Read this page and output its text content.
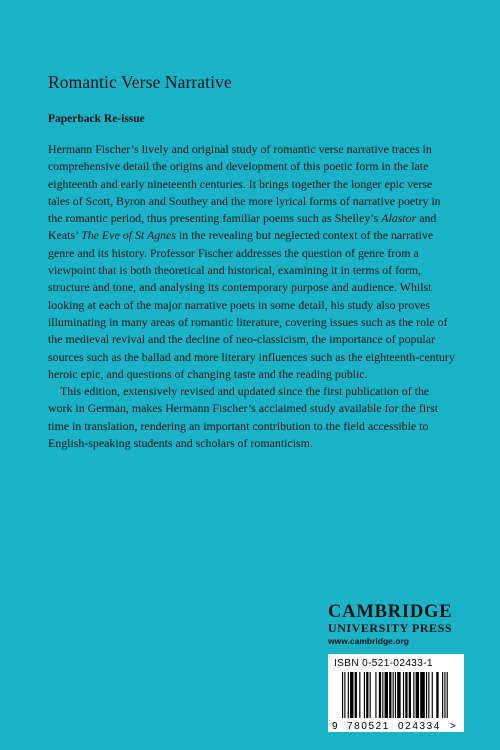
Romantic Verse Narrative
Paperback Re-issue

Hermann Fischer’s lively and original study of romantic verse narrative traces in comprehensive detail the origins and development of this poetic form in the late eighteenth and early nineteenth centuries. It brings together the longer epic verse tales of Scott, Byron and Southey and the more lyrical forms of narrative poetry in the romantic period, thus presenting familiar poems such as Shelley’s Alastor and Keats’ The Eve of St Agnes in the revealing but neglected context of the narrative genre and its history. Professor Fischer addresses the question of genre from a viewpoint that is both theoretical and historical, examining it in terms of form, structure and tone, and analysing its contemporary purpose and audience. Whilst looking at each of the major narrative poets in some detail, his study also proves illuminating in many areas of romantic literature, covering issues such as the role of the medieval revival and the decline of neo-classicism, the importance of popular sources such as the ballad and more literary influences such as the eighteenth-century heroic epic, and questions of changing taste and the reading public.

This edition, extensively revised and updated since the first publication of the work in German, makes Hermann Fischer’s acclaimed study available for the first time in translation, rendering an important contribution to the field accessible to English-speaking students and scholars of romanticism.

CAMBRIDGE
UNIVERSITY PRESS
www.cambridge.org
ISBN 0-521-02433-1
9 780521 024334 >
